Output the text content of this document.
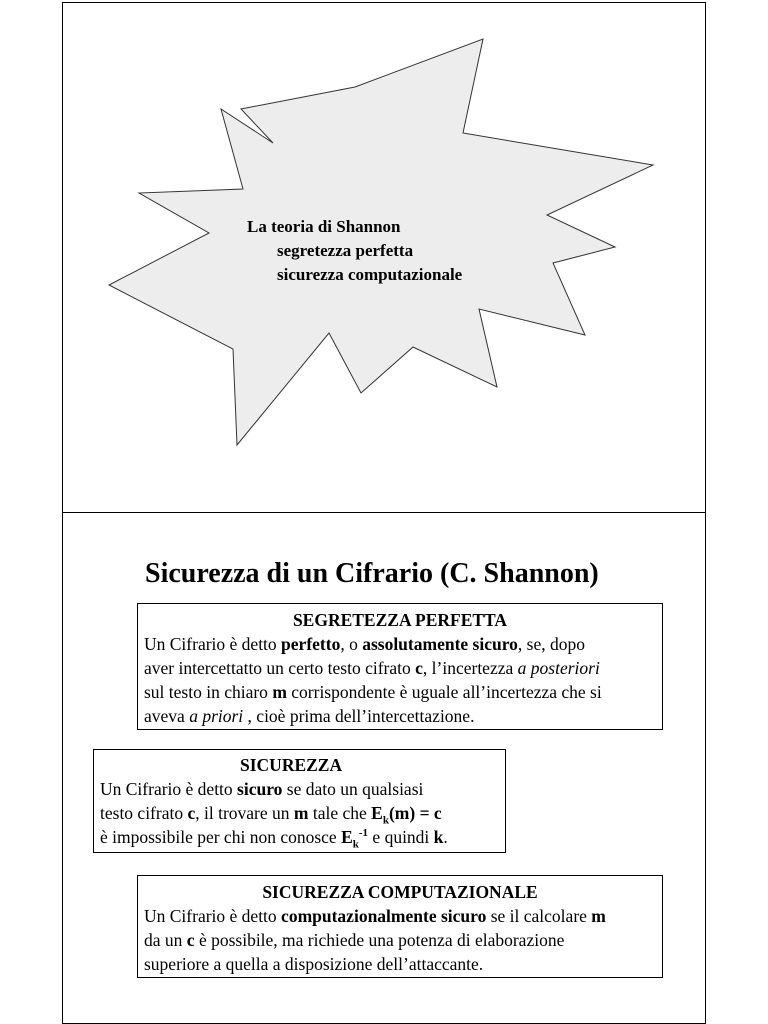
La teoria di Shannon
segretezza perfetta
sicurezza computazionale
Sicurezza di un Cifrario (C. Shannon)
SEGRETEZZA PERFETTA
Un Cifrario è detto perfetto, o assolutamente sicuro, se, dopo
aver intercettatto un certo testo cifrato c, l’incertezza a posteriori
sul testo in chiaro m corrispondente è uguale all’incertezza che si
aveva a priori , cioè prima dell’intercettazione.
SICUREZZA
Un Cifrario è detto sicuro se dato un qualsiasi
testo cifrato c, il trovare un m tale che $E_k(m) = c$
è impossibile per chi non conosce $E_k^{-1}$ e quindi k.
SICUREZZA COMPUTAZIONALE
Un Cifrario è detto computazionalmente sicuro se il calcolare m
da un c è possibile, ma richiede una potenza di elaborazione
superiore a quella a disposizione dell’attaccante.
